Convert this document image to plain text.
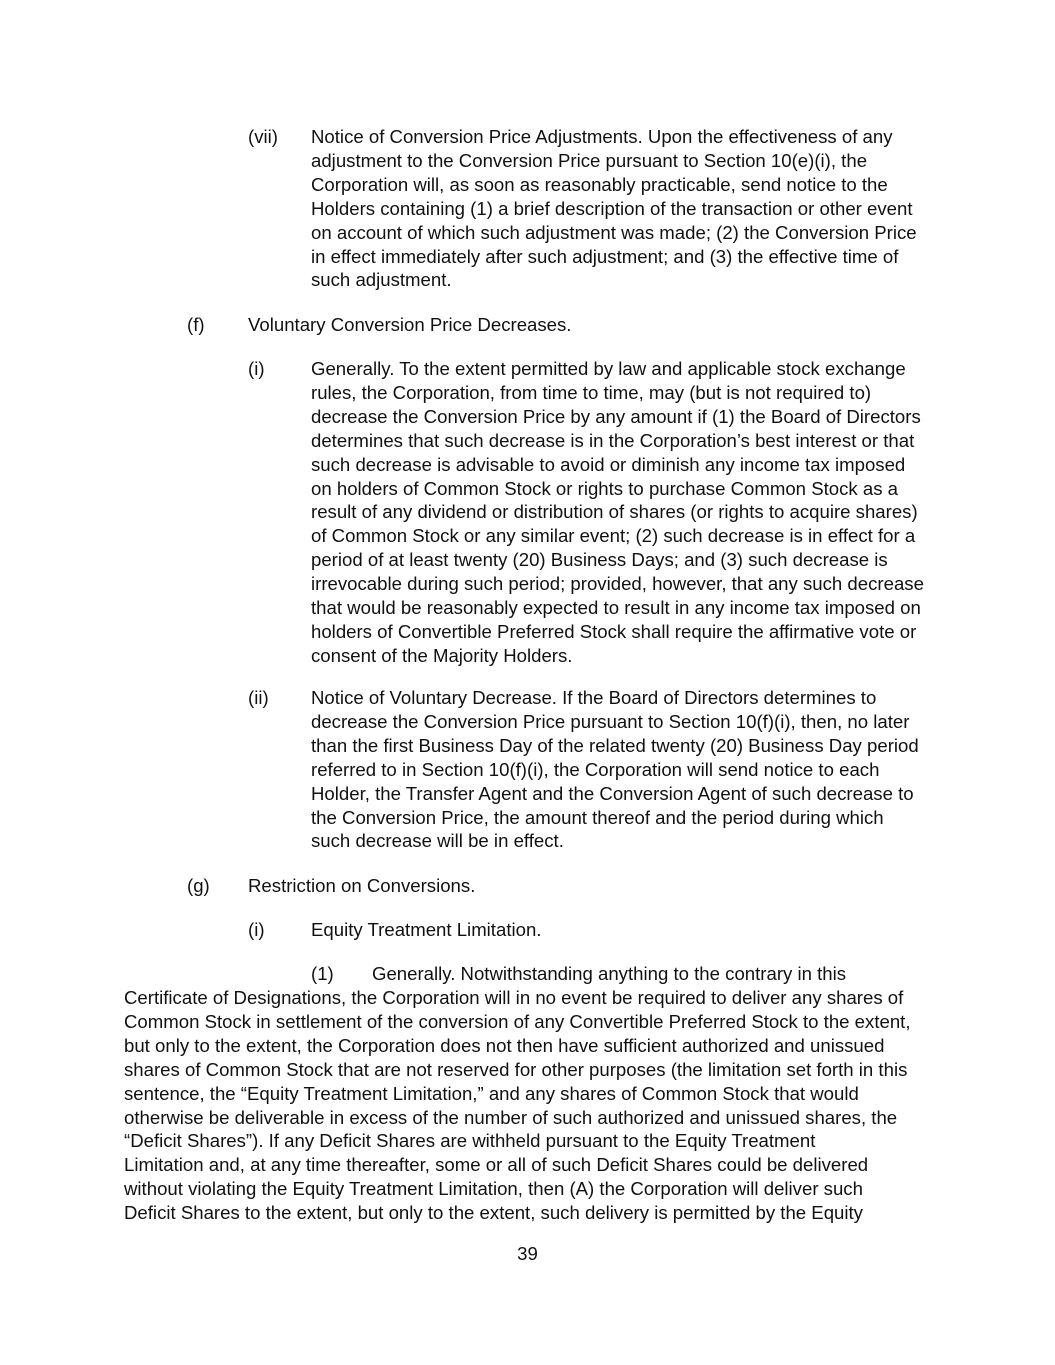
(vii) Notice of Conversion Price Adjustments. Upon the effectiveness of any
adjustment to the Conversion Price pursuant to Section 10(e)(i), the
Corporation will, as soon as reasonably practicable, send notice to the
Holders containing (1) a brief description of the transaction or other event
on account of which such adjustment was made; (2) the Conversion Price
in effect immediately after such adjustment; and (3) the effective time of
such adjustment.
(f) Voluntary Conversion Price Decreases.
(i) Generally. To the extent permitted by law and applicable stock exchange
rules, the Corporation, from time to time, may (but is not required to)
decrease the Conversion Price by any amount if (1) the Board of Directors
determines that such decrease is in the Corporation’s best interest or that
such decrease is advisable to avoid or diminish any income tax imposed
on holders of Common Stock or rights to purchase Common Stock as a
result of any dividend or distribution of shares (or rights to acquire shares)
of Common Stock or any similar event; (2) such decrease is in effect for a
period of at least twenty (20) Business Days; and (3) such decrease is
irrevocable during such period; provided, however, that any such decrease
that would be reasonably expected to result in any income tax imposed on
holders of Convertible Preferred Stock shall require the affirmative vote or
consent of the Majority Holders.
(ii) Notice of Voluntary Decrease. If the Board of Directors determines to
decrease the Conversion Price pursuant to Section 10(f)(i), then, no later
than the first Business Day of the related twenty (20) Business Day period
referred to in Section 10(f)(i), the Corporation will send notice to each
Holder, the Transfer Agent and the Conversion Agent of such decrease to
the Conversion Price, the amount thereof and the period during which
such decrease will be in effect.
(g) Restriction on Conversions.
(i) Equity Treatment Limitation.
(1) Generally. Notwithstanding anything to the contrary in this
Certificate of Designations, the Corporation will in no event be required to deliver any shares of
Common Stock in settlement of the conversion of any Convertible Preferred Stock to the extent,
but only to the extent, the Corporation does not then have sufficient authorized and unissued
shares of Common Stock that are not reserved for other purposes (the limitation set forth in this
sentence, the “Equity Treatment Limitation,” and any shares of Common Stock that would
otherwise be deliverable in excess of the number of such authorized and unissued shares, the
“Deficit Shares”). If any Deficit Shares are withheld pursuant to the Equity Treatment
Limitation and, at any time thereafter, some or all of such Deficit Shares could be delivered
without violating the Equity Treatment Limitation, then (A) the Corporation will deliver such
Deficit Shares to the extent, but only to the extent, such delivery is permitted by the Equity
39
